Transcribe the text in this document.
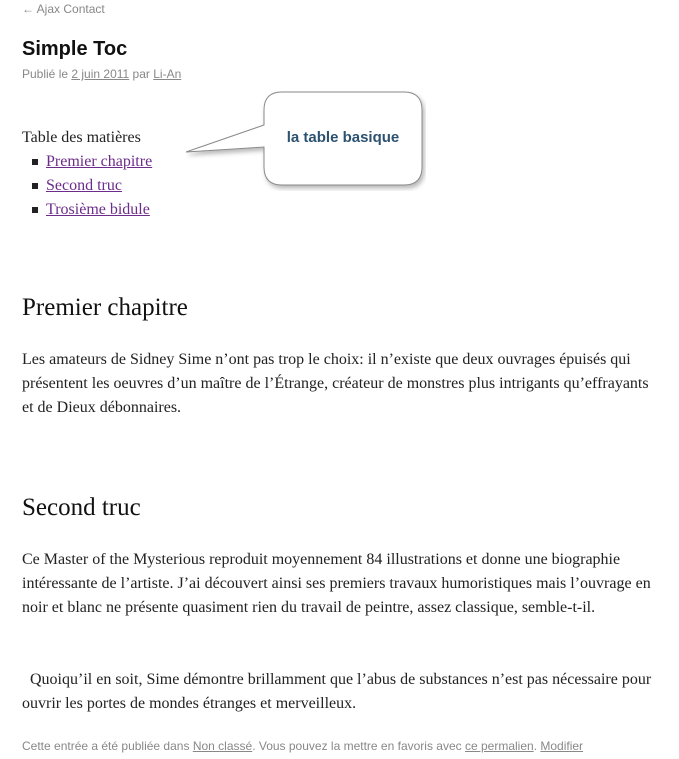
← Ajax Contact
Simple Toc
Publié le 2 juin 2011 par Li-An
Table des matières
Premier chapitre
Second truc
Trosième bidule
la table basique
Premier chapitre

Les amateurs de Sidney Sime n’ont pas trop le choix: il n’existe que deux ouvrages épuisés qui présentent les oeuvres d’un maître de l’Étrange, créateur de monstres plus intrigants qu’effrayants et de Dieux débonnaires.

Second truc

Ce Master of the Mysterious reproduit moyennement 84 illustrations et donne une biographie intéressante de l’artiste. J’ai découvert ainsi ses premiers travaux humoristiques mais l’ouvrage en noir et blanc ne présente quasiment rien du travail de peintre, assez classique, semble-t-il.

Quoiqu’il en soit, Sime démontre brillamment que l’abus de substances n’est pas nécessaire pour ouvrir les portes de mondes étranges et merveilleux.

Cette entrée a été publiée dans Non classé. Vous pouvez la mettre en favoris avec ce permalien. Modifier
